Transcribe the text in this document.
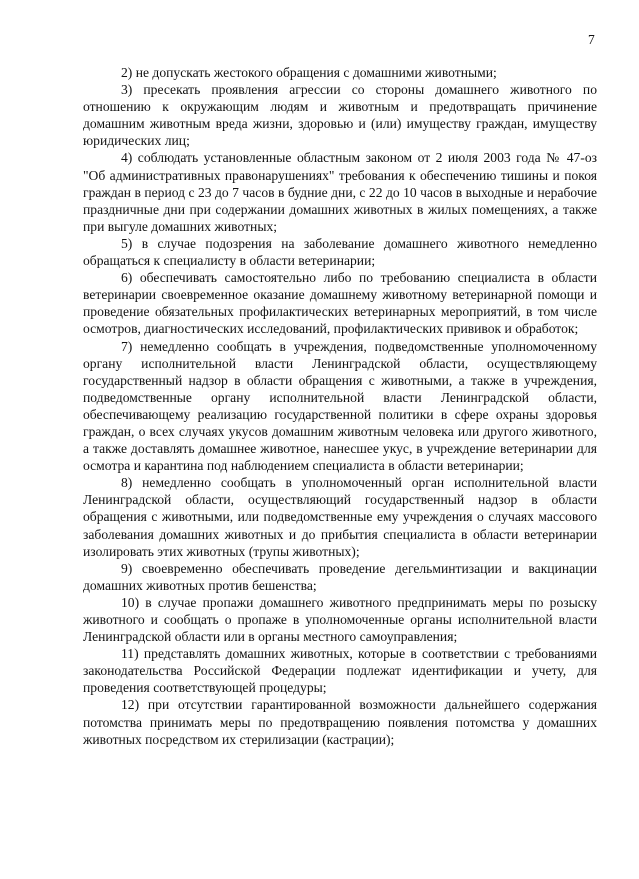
7

2) не допускать жестокого обращения с домашними животными;

3) пресекать проявления агрессии со стороны домашнего животного по отношению к окружающим людям и животным и предотвращать причинение домашним животным вреда жизни, здоровью и (или) имуществу граждан, имуществу юридических лиц;

4) соблюдать установленные областным законом от 2 июля 2003 года № 47-оз "Об административных правонарушениях" требования к обеспечению тишины и покоя граждан в период с 23 до 7 часов в будние дни, с 22 до 10 часов в выходные и нерабочие праздничные дни при содержании домашних животных в жилых помещениях, а также при выгуле домашних животных;

5) в случае подозрения на заболевание домашнего животного немедленно обращаться к специалисту в области ветеринарии;

6) обеспечивать самостоятельно либо по требованию специалиста в области ветеринарии своевременное оказание домашнему животному ветеринарной помощи и проведение обязательных профилактических ветеринарных мероприятий, в том числе осмотров, диагностических исследований, профилактических прививок и обработок;

7) немедленно сообщать в учреждения, подведомственные уполномоченному органу исполнительной власти Ленинградской области, осуществляющему государственный надзор в области обращения с животными, а также в учреждения, подведомственные органу исполнительной власти Ленинградской области, обеспечивающему реализацию государственной политики в сфере охраны здоровья граждан, о всех случаях укусов домашним животным человека или другого животного, а также доставлять домашнее животное, нанесшее укус, в учреждение ветеринарии для осмотра и карантина под наблюдением специалиста в области ветеринарии;

8) немедленно сообщать в уполномоченный орган исполнительной власти Ленинградской области, осуществляющий государственный надзор в области обращения с животными, или подведомственные ему учреждения о случаях массового заболевания домашних животных и до прибытия специалиста в области ветеринарии изолировать этих животных (трупы животных);

9) своевременно обеспечивать проведение дегельминтизации и вакцинации домашних животных против бешенства;

10) в случае пропажи домашнего животного предпринимать меры по розыску животного и сообщать о пропаже в уполномоченные органы исполнительной власти Ленинградской области или в органы местного самоуправления;

11) представлять домашних животных, которые в соответствии с требованиями законодательства Российской Федерации подлежат идентификации и учету, для проведения соответствующей процедуры;

12) при отсутствии гарантированной возможности дальнейшего содержания потомства принимать меры по предотвращению появления потомства у домашних животных посредством их стерилизации (кастрации);
